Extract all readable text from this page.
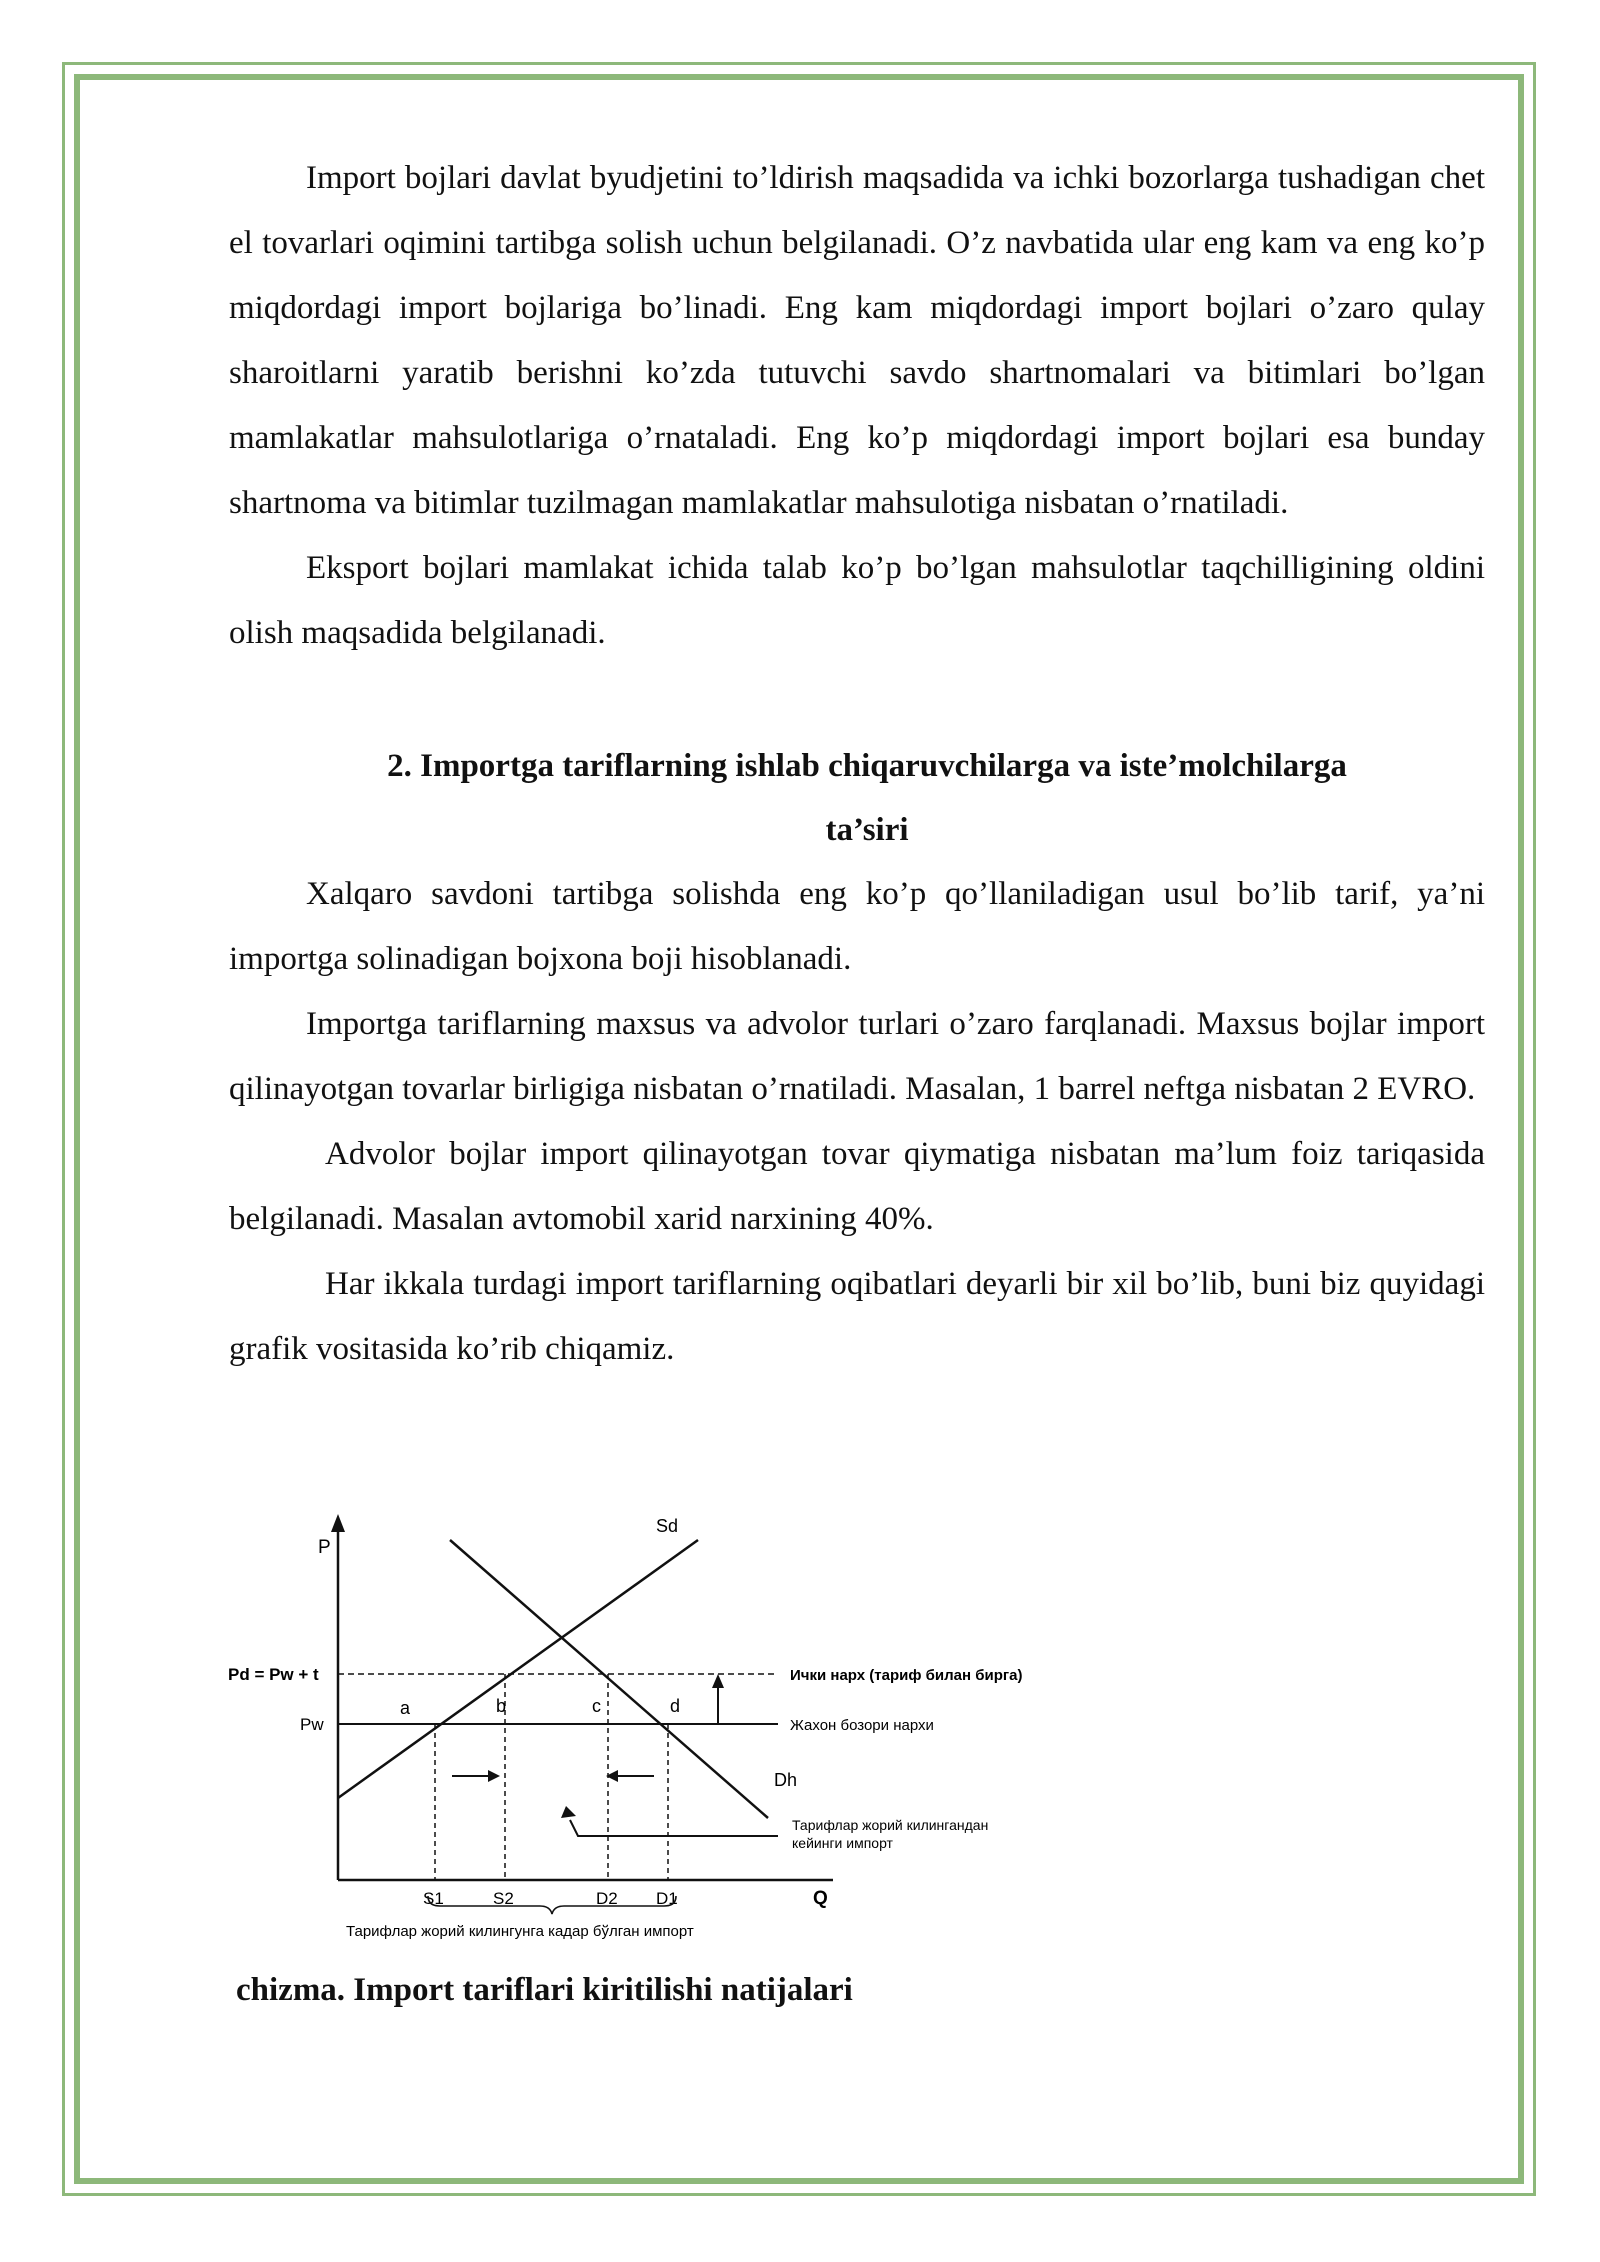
Import bojlari davlat byudjetini to’ldirish maqsadida va ichki bozorlarga tushadigan chet el tovarlari oqimini tartibga solish uchun belgilanadi. O’z navbatida ular eng kam va eng ko’p miqdordagi import bojlariga bo’linadi. Eng kam miqdordagi import bojlari o’zaro qulay sharoitlarni yaratib berishni ko’zda tutuvchi savdo shartnomalari va bitimlari bo’lgan mamlakatlar mahsulotlariga o’rnataladi. Eng ko’p miqdordagi import bojlari esa bunday shartnoma va bitimlar tuzilmagan mamlakatlar mahsulotiga nisbatan o’rnatiladi.

Eksport bojlari mamlakat ichida talab ko’p bo’lgan mahsulotlar taqchilligining oldini olish maqsadida belgilanadi.

2. Importga tariflarning ishlab chiqaruvchilarga va iste’molchilarga

ta’siri

Xalqaro savdoni tartibga solishda eng ko’p qo’llaniladigan usul bo’lib tarif, ya’ni importga solinadigan bojxona boji hisoblanadi.

Importga tariflarning maxsus va advolor turlari o’zaro farqlanadi. Maxsus bojlar import qilinayotgan tovarlar birligiga nisbatan o’rnatiladi. Masalan, 1 barrel neftga nisbatan 2 EVRO.

Advolor bojlar import qilinayotgan tovar qiymatiga nisbatan ma’lum foiz tariqasida belgilanadi. Masalan avtomobil xarid narxining 40%.

Har ikkala turdagi import tariflarning oqibatlari deyarli bir xil bo’lib, buni biz quyidagi grafik vositasida ko’rib chiqamiz.

P
Q
Pd = Pw + t
Pw
Sd
Dh
a	b	c	d
S1	S2	D2 D1
Ички нарх (тариф билан бирга)
Жахон бозори нархи
Тарифлар жорий килингандан
кейинги импорт
Тарифлар жорий килингунга кадар бўлган импорт
chizma. Import tariflari kiritilishi natijalari
